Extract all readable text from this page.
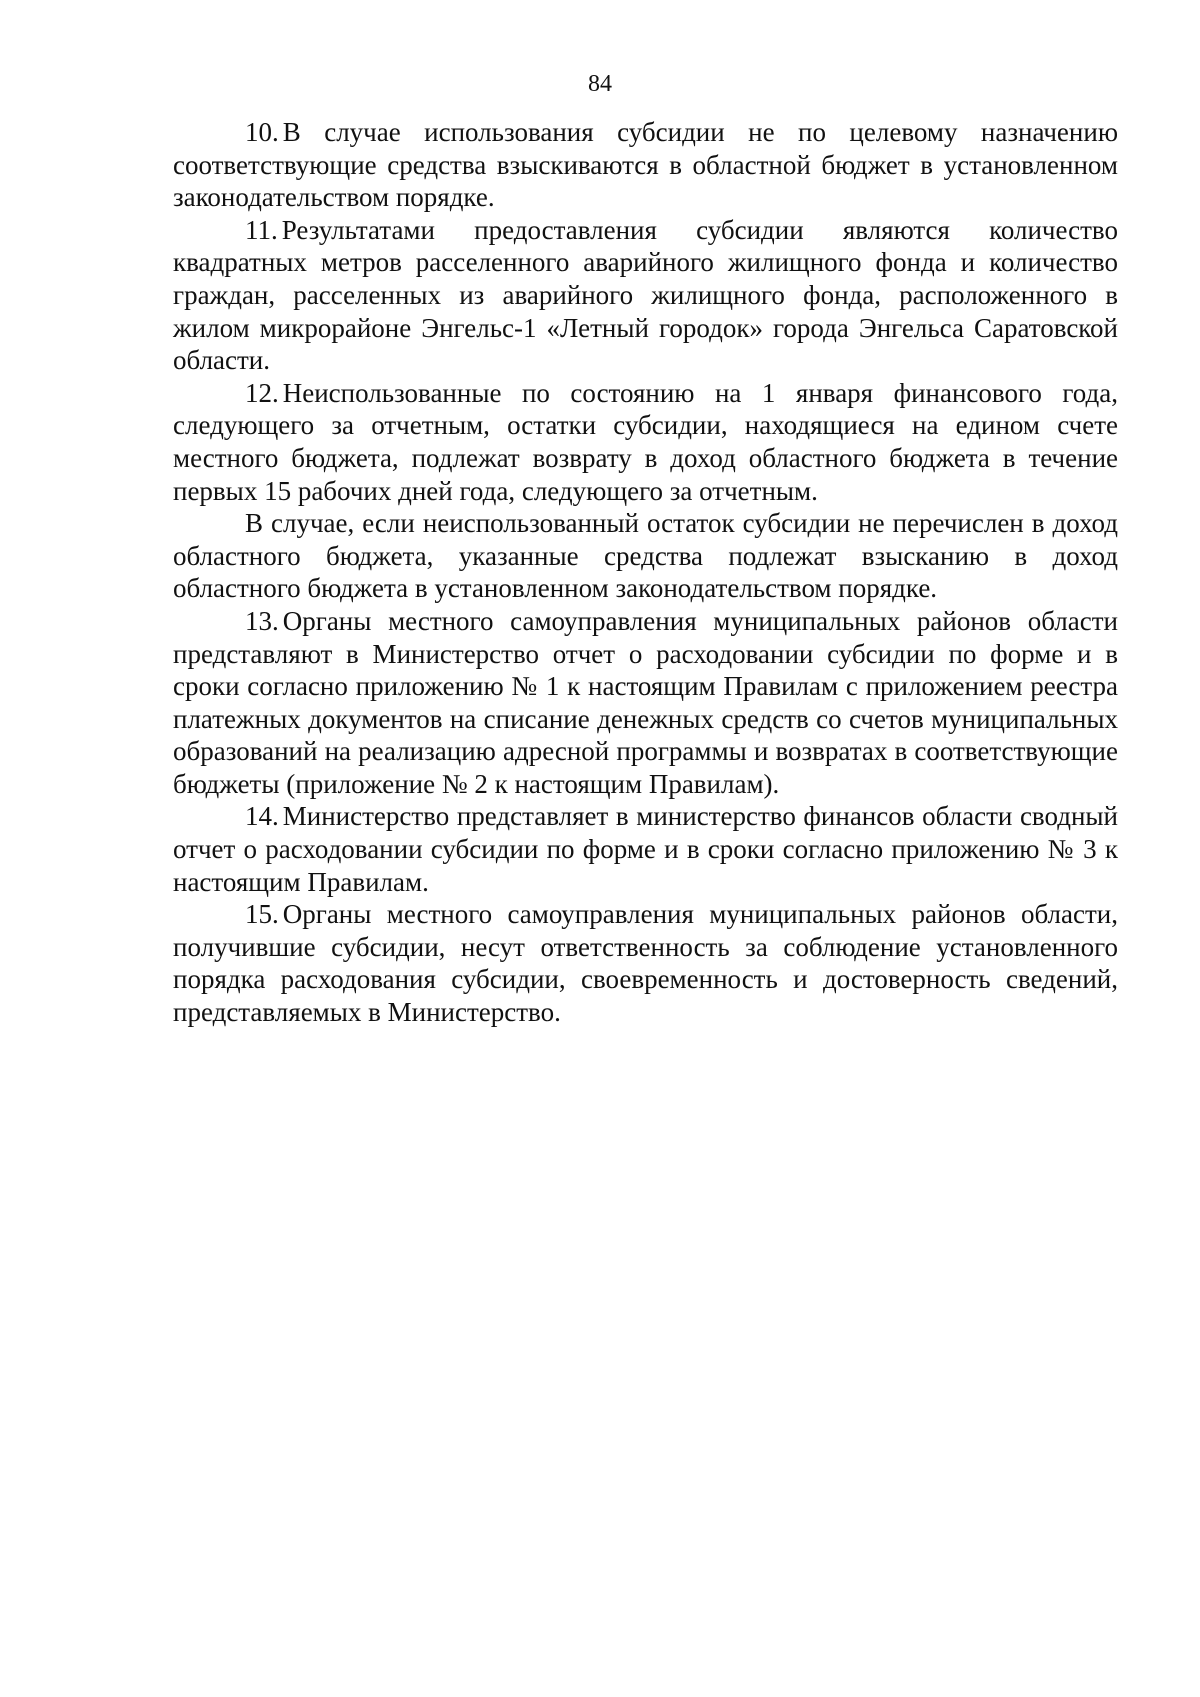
84

10. В случае использования субсидии не по целевому назначению соответствующие средства взыскиваются в областной бюджет в установленном законодательством порядке.

11. Результатами предоставления субсидии являются количество квадратных метров расселенного аварийного жилищного фонда и количество граждан, расселенных из аварийного жилищного фонда, расположенного в жилом микрорайоне Энгельс-1 «Летный городок» города Энгельса Саратовской области.

12. Неиспользованные по состоянию на 1 января финансового года, следующего за отчетным, остатки субсидии, находящиеся на едином счете местного бюджета, подлежат возврату в доход областного бюджета в течение первых 15 рабочих дней года, следующего за отчетным.

В случае, если неиспользованный остаток субсидии не перечислен в доход областного бюджета, указанные средства подлежат взысканию в доход областного бюджета в установленном законодательством порядке.

13. Органы местного самоуправления муниципальных районов области представляют в Министерство отчет о расходовании субсидии по форме и в сроки согласно приложению № 1 к настоящим Правилам с приложением реестра платежных документов на списание денежных средств со счетов муниципальных образований на реализацию адресной программы и возвратах в соответствующие бюджеты (приложение № 2 к настоящим Правилам).

14. Министерство представляет в министерство финансов области сводный отчет о расходовании субсидии по форме и в сроки согласно приложению № 3 к настоящим Правилам.

15. Органы местного самоуправления муниципальных районов области, получившие субсидии, несут ответственность за соблюдение установленного порядка расходования субсидии, своевременность и достоверность сведений, представляемых в Министерство.
